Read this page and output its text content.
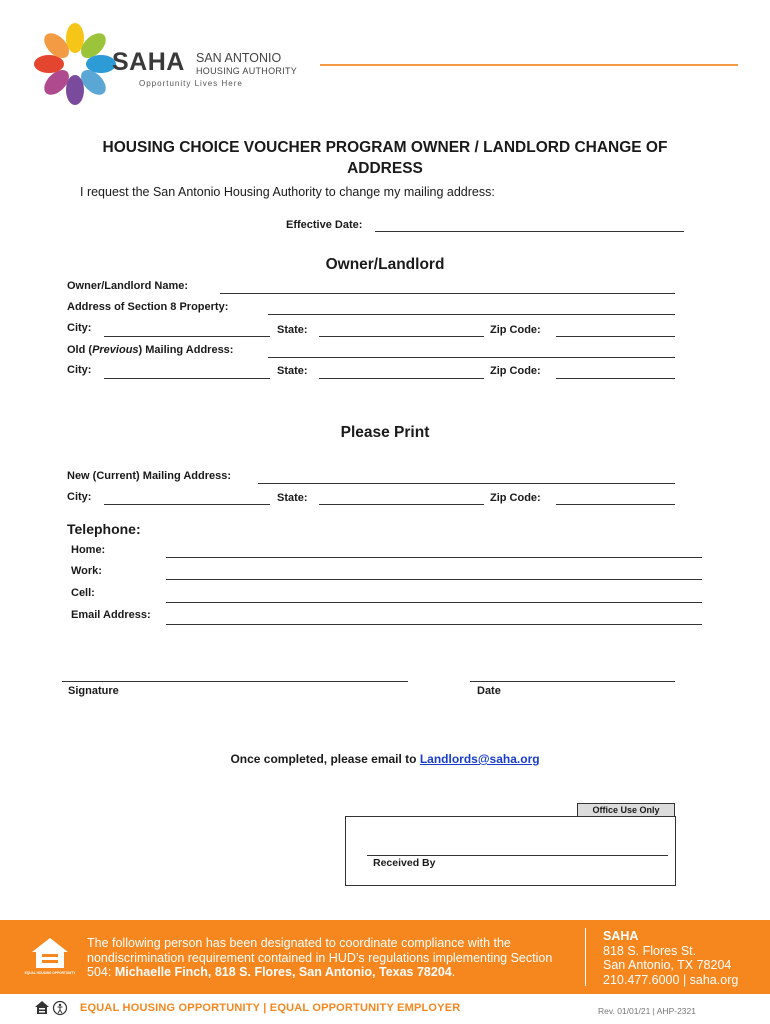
SAHA SAN ANTONIO
HOUSING AUTHORITY
Opportunity Lives Here
HOUSING CHOICE VOUCHER PROGRAM OWNER / LANDLORD CHANGE OF
ADDRESS
I request the San Antonio Housing Authority to change my mailing address:
Effective Date:
Owner/Landlord
Owner/Landlord Name:
Address of Section 8 Property:
City:	State:	Zip Code:
Old (Previous) Mailing Address:
City:	State:	Zip Code:
Please Print
New (Current) Mailing Address:
City:	State:	Zip Code:
Telephone:
Home:
Work:
Cell:
Email Address:
Signature	Date
Once completed, please email to Landlords@saha.org
Office Use Only
Received By
EQUAL HOUSING OPPORTUNITY
The following person has been designated to coordinate compliance with the nondiscrimination requirement contained in HUD’s regulations implementing Section 504: Michaelle Finch, 818 S. Flores, San Antonio, Texas 78204.
SAHA
818 S. Flores St.
San Antonio, TX 78204
210.477.6000 | saha.org
EQUAL HOUSING OPPORTUNITY | EQUAL OPPORTUNITY EMPLOYER	Rev. 01/01/21 | AHP-2321
